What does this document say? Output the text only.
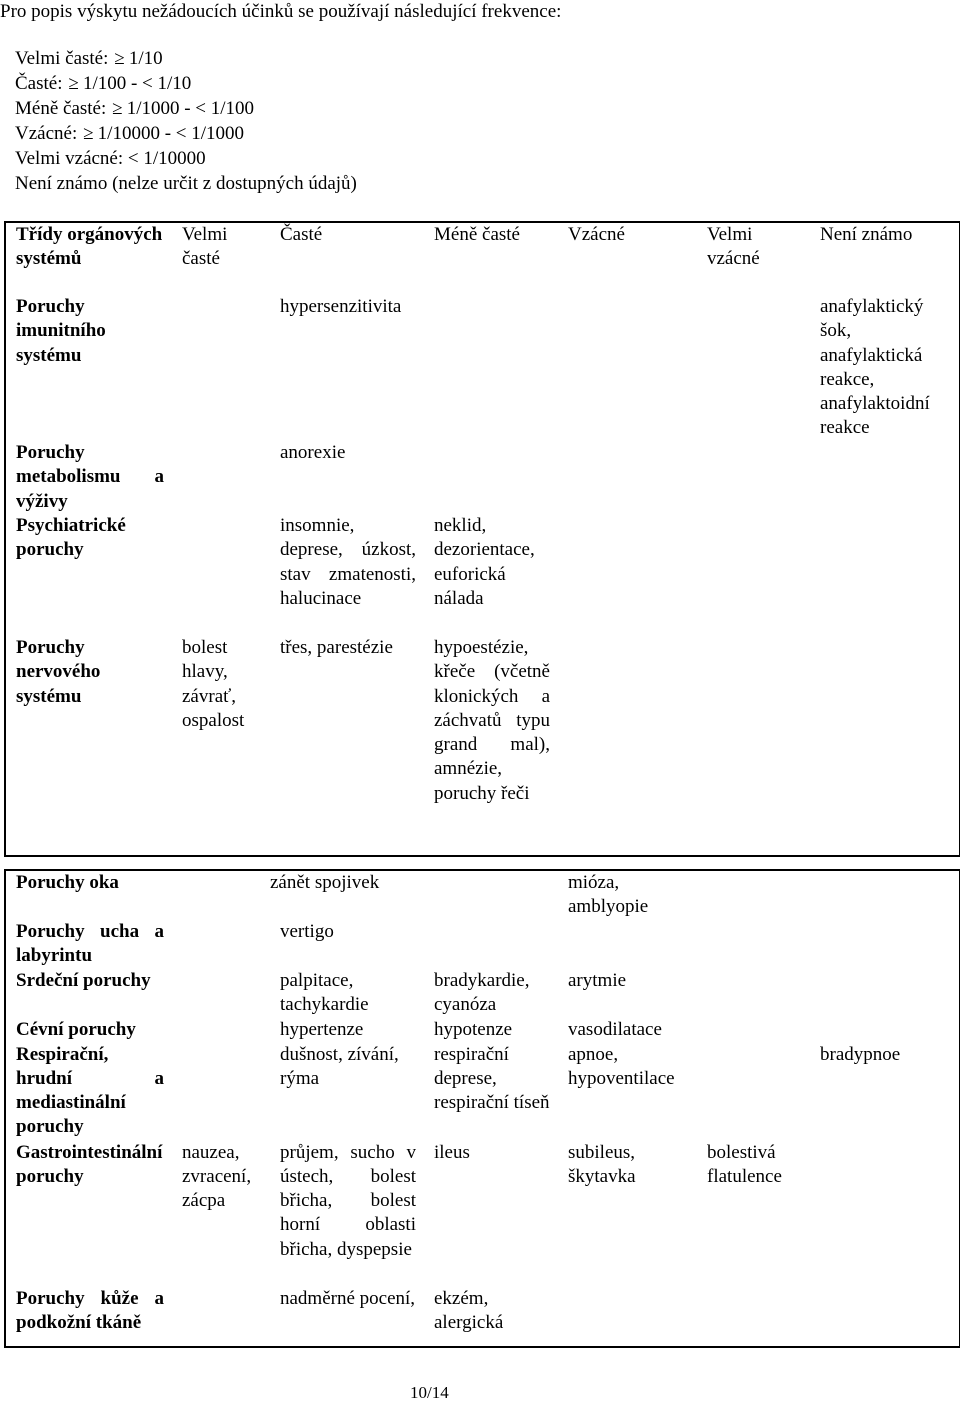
Pro popis výskytu nežádoucích účinků se používají následující frekvence:
Velmi časté: ≥ 1/10
Časté: ≥ 1/100 - < 1/10
Méně časté: ≥ 1/1000 - < 1/100
Vzácné: ≥ 1/10000 - < 1/1000
Velmi vzácné: < 1/10000
Není známo (nelze určit z dostupných údajů)
Třídy orgánových systémů	Velmi časté	Časté	Méně časté	Vzácné	Velmi vzácné	Není známo
Poruchy imunitního systému		hypersenzitivita				anafylaktický šok, anafylaktická reakce, anafylaktoidní reakce
Poruchy metabolismu a výživy		anorexie				
Psychiatrické poruchy		insomnie, deprese, úzkost, stav zmatenosti, halucinace	neklid, dezorientace, euforická nálada			
Poruchy nervového systému	bolest hlavy, závrať, ospalost	třes, parestézie	hypoestézie, křeče (včetně klonických a záchvatů typu grand mal), amnézie, poruchy řeči			
Poruchy oka		zánět spojivek		mióza, amblyopie		
Poruchy ucha a labyrintu		vertigo				
Srdeční poruchy		palpitace, tachykardie	bradykardie, cyanóza	arytmie		
Cévní poruchy		hypertenze	hypotenze	vasodilatace		
Respirační, hrudní a mediastinální poruchy		dušnost, zívání, rýma	respirační deprese, respirační tíseň	apnoe, hypoventilace		bradypnoe
Gastrointestinální poruchy	nauzea, zvracení, zácpa	průjem, sucho v ústech, bolest břicha, bolest horní oblasti břicha, dyspepsie	ileus	subileus, škytavka	bolestivá flatulence	
Poruchy kůže a podkožní tkáně		nadměrné pocení,	ekzém, alergická			
10/14
